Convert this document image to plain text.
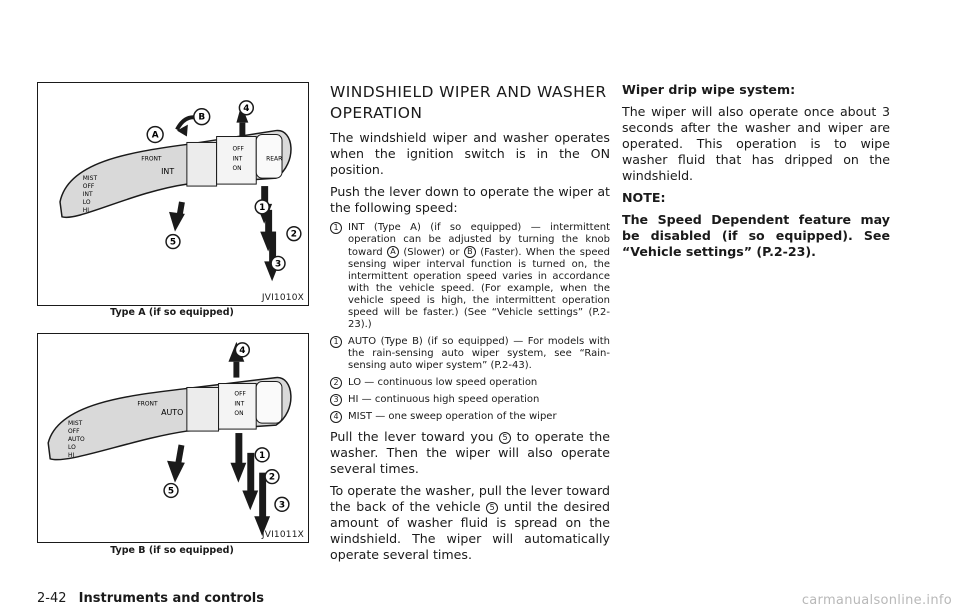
MIST
OFF
INT
LO
HI
FRONT
INT
REAR
OFF
INT
ON
A
B
4
1
2
3
5
JVI1010X
Type A (if so equipped)
MIST
OFF
AUTO
LO
HI
FRONT
AUTO
OFF
INT
ON
4
1
2
3
5
JVI1011X
Type B (if so equipped)
WINDSHIELD WIPER AND WASHER OPERATION

The windshield wiper and washer operates when the ignition switch is in the ON position.

Push the lever down to operate the wiper at the following speed:

1 INT (Type A) (if so equipped) — intermittent operation can be adjusted by turning the knob toward A (Slower) or B (Faster). When the speed sensing wiper interval function is turned on, the intermittent operation speed varies in accordance with the vehicle speed. (For example, when the vehicle speed is high, the intermittent operation speed will be faster.) (See “Vehicle settings” (P.2-23).)
1 AUTO (Type B) (if so equipped) — For models with the rain-sensing auto wiper system, see “Rain-sensing auto wiper system” (P.2-43).
2 LO — continuous low speed operation
3 HI — continuous high speed operation
4 MIST — one sweep operation of the wiper

Pull the lever toward you 5 to operate the washer. Then the wiper will also operate several times.

To operate the washer, pull the lever toward the back of the vehicle 5 until the desired amount of washer fluid is spread on the windshield. The wiper will automatically operate several times.

Wiper drip wipe system:

The wiper will also operate once about 3 seconds after the washer and wiper are operated. This operation is to wipe washer fluid that has dripped on the windshield.

NOTE:

The Speed Dependent feature may be disabled (if so equipped). See “Vehicle settings” (P.2-23).

2-42 Instruments and controls	carmanualsonline.info
